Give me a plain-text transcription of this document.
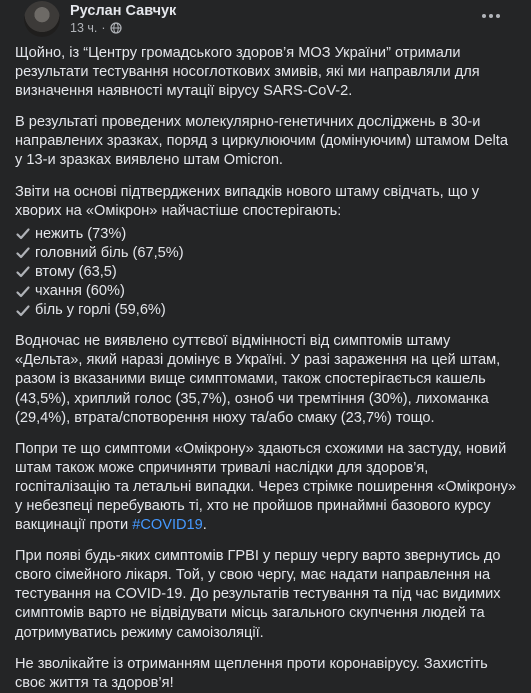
Руслан Савчук
13 ч. ·

Щойно, із “Центру громадського здоров’я МОЗ України” отримали результати тестування носоглоткових змивів, які ми направляли для визначення наявності мутації вірусу SARS-CoV-2.

В результаті проведених молекулярно-генетичних досліджень в 30-и направлених зразках, поряд з циркулюючим (домінуючим) штамом Delta у 13-и зразках виявлено штам Omicron.

Звіти на основі підтверджених випадків нового штаму свідчать, що у хворих на «Омікрон» найчастіше спостерігають:

нежить (73%)
головний біль (67,5%)
втому (63,5)
чхання (60%)
біль у горлі (59,6%)

Водночас не виявлено суттєвої відмінності від симптомів штаму «Дельта», який наразі домінує в Україні. У разі зараження на цей штам, разом із вказаними вище симптомами, також спостерігається кашель (43,5%), хриплий голос (35,7%), озноб чи тремтіння (30%), лихоманка (29,4%), втрата/спотворення нюху та/або смаку (23,7%) тощо.

Попри те що симптоми «Омікрону» здаються схожими на застуду, новий штам також може спричиняти тривалі наслідки для здоров’я, госпіталізацію та летальні випадки. Через стрімке поширення «Омікрону» у небезпеці перебувають ті, хто не пройшов принаймні базового курсу вакцинації проти #COVID19.

При появі будь-яких симптомів ГРВІ у першу чергу варто звернутись до свого сімейного лікаря. Той, у свою чергу, має надати направлення на тестування на COVID-19. До результатів тестування та під час видимих симптомів варто не відвідувати місць загального скупчення людей та дотримуватись режиму самоізоляції.

Не зволікайте із отриманням щеплення проти коронавірусу. Захистіть своє життя та здоров’я!
